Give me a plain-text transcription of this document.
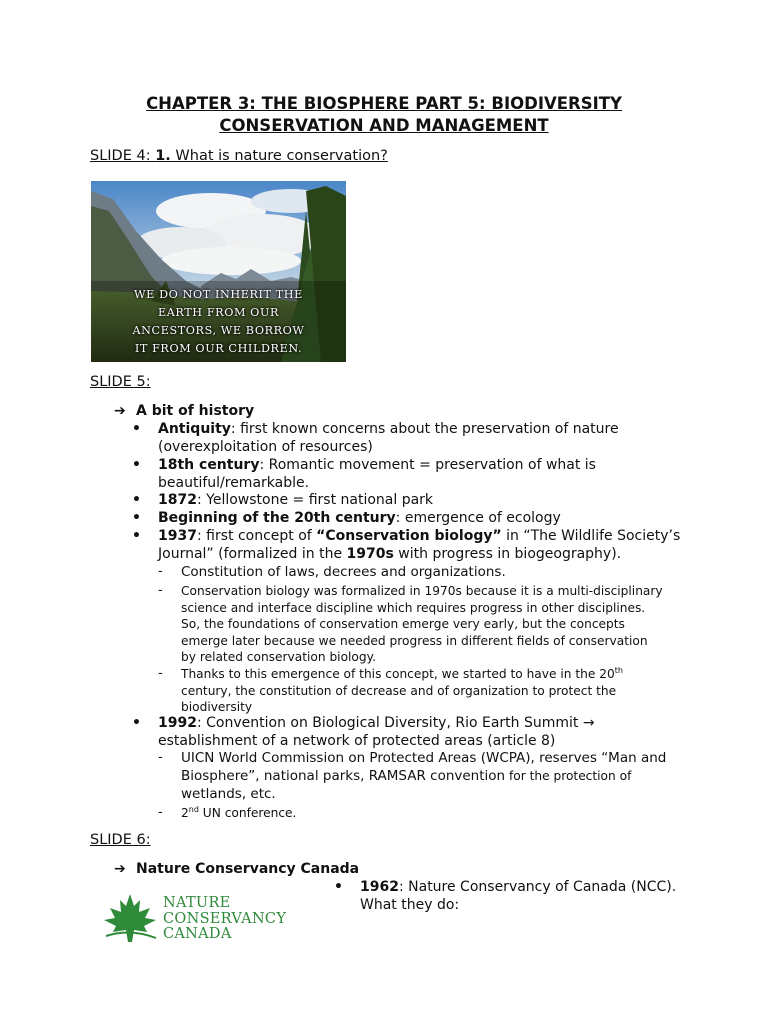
CHAPTER 3: THE BIOSPHERE PART 5: BIODIVERSITY
CONSERVATION AND MANAGEMENT
SLIDE 4: 1. What is nature conservation?
WE DO NOT INHERIT THE
EARTH FROM OUR
ANCESTORS, WE BORROW
IT FROM OUR CHILDREN.
SLIDE 5:
➔ A bit of history
• Antiquity: first known concerns about the preservation of nature
(overexploitation of resources)
• 18th century: Romantic movement = preservation of what is
beautiful/remarkable.
• 1872: Yellowstone = first national park
• Beginning of the 20th century: emergence of ecology
• 1937: first concept of “Conservation biology” in “The Wildlife Society’s
Journal” (formalized in the 1970s with progress in biogeography).
- Constitution of laws, decrees and organizations.
- Conservation biology was formalized in 1970s because it is a multi-disciplinary
science and interface discipline which requires progress in other disciplines.
So, the foundations of conservation emerge very early, but the concepts
emerge later because we needed progress in different fields of conservation
by related conservation biology.
- Thanks to this emergence of this concept, we started to have in the 20th
century, the constitution of decrease and of organization to protect the
biodiversity
• 1992: Convention on Biological Diversity, Rio Earth Summit →
establishment of a network of protected areas (article 8)
- UICN World Commission on Protected Areas (WCPA), reserves “Man and
Biosphere”, national parks, RAMSAR convention for the protection of
wetlands, etc.
- 2nd UN conference.
SLIDE 6:
➔ Nature Conservancy Canada
NATURE
CONSERVANCY
CANADA
• 1962: Nature Conservancy of Canada (NCC).
What they do:
